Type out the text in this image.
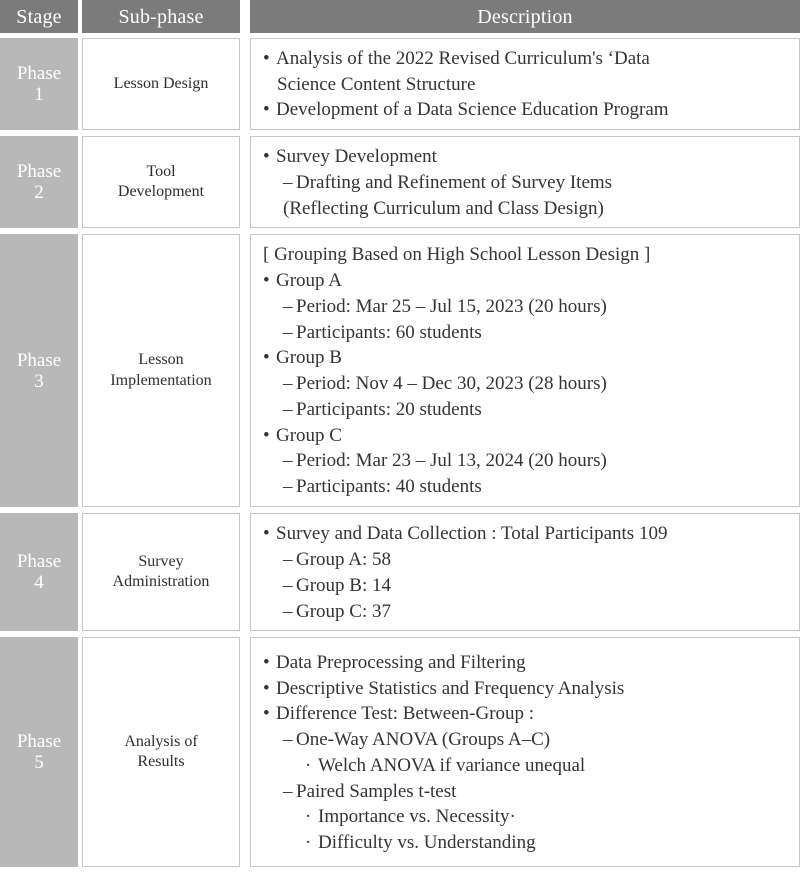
Stage	Sub-phase	Description
Phase
1
Lesson Design
• Analysis of the 2022 Revised Curriculum's ‘Data
Science Content Structure
• Development of a Data Science Education Program
Phase
2
Tool
Development
• Survey Development
– Drafting and Refinement of Survey Items
(Reflecting Curriculum and Class Design)
Phase
3
Lesson
Implementation
[ Grouping Based on High School Lesson Design ]
• Group A
– Period: Mar 25 – Jul 15, 2023 (20 hours)
– Participants: 60 students
• Group B
– Period: Nov 4 – Dec 30, 2023 (28 hours)
– Participants: 20 students
• Group C
– Period: Mar 23 – Jul 13, 2024 (20 hours)
– Participants: 40 students
Phase
4
Survey
Administration
• Survey and Data Collection : Total Participants 109
– Group A: 58
– Group B: 14
– Group C: 37
Phase
5
Analysis of
Results
• Data Preprocessing and Filtering
• Descriptive Statistics and Frequency Analysis
• Difference Test: Between-Group :
– One-Way ANOVA (Groups A–C)
· Welch ANOVA if variance unequal
– Paired Samples t-test
· Importance vs. Necessity·
· Difficulty vs. Understanding
